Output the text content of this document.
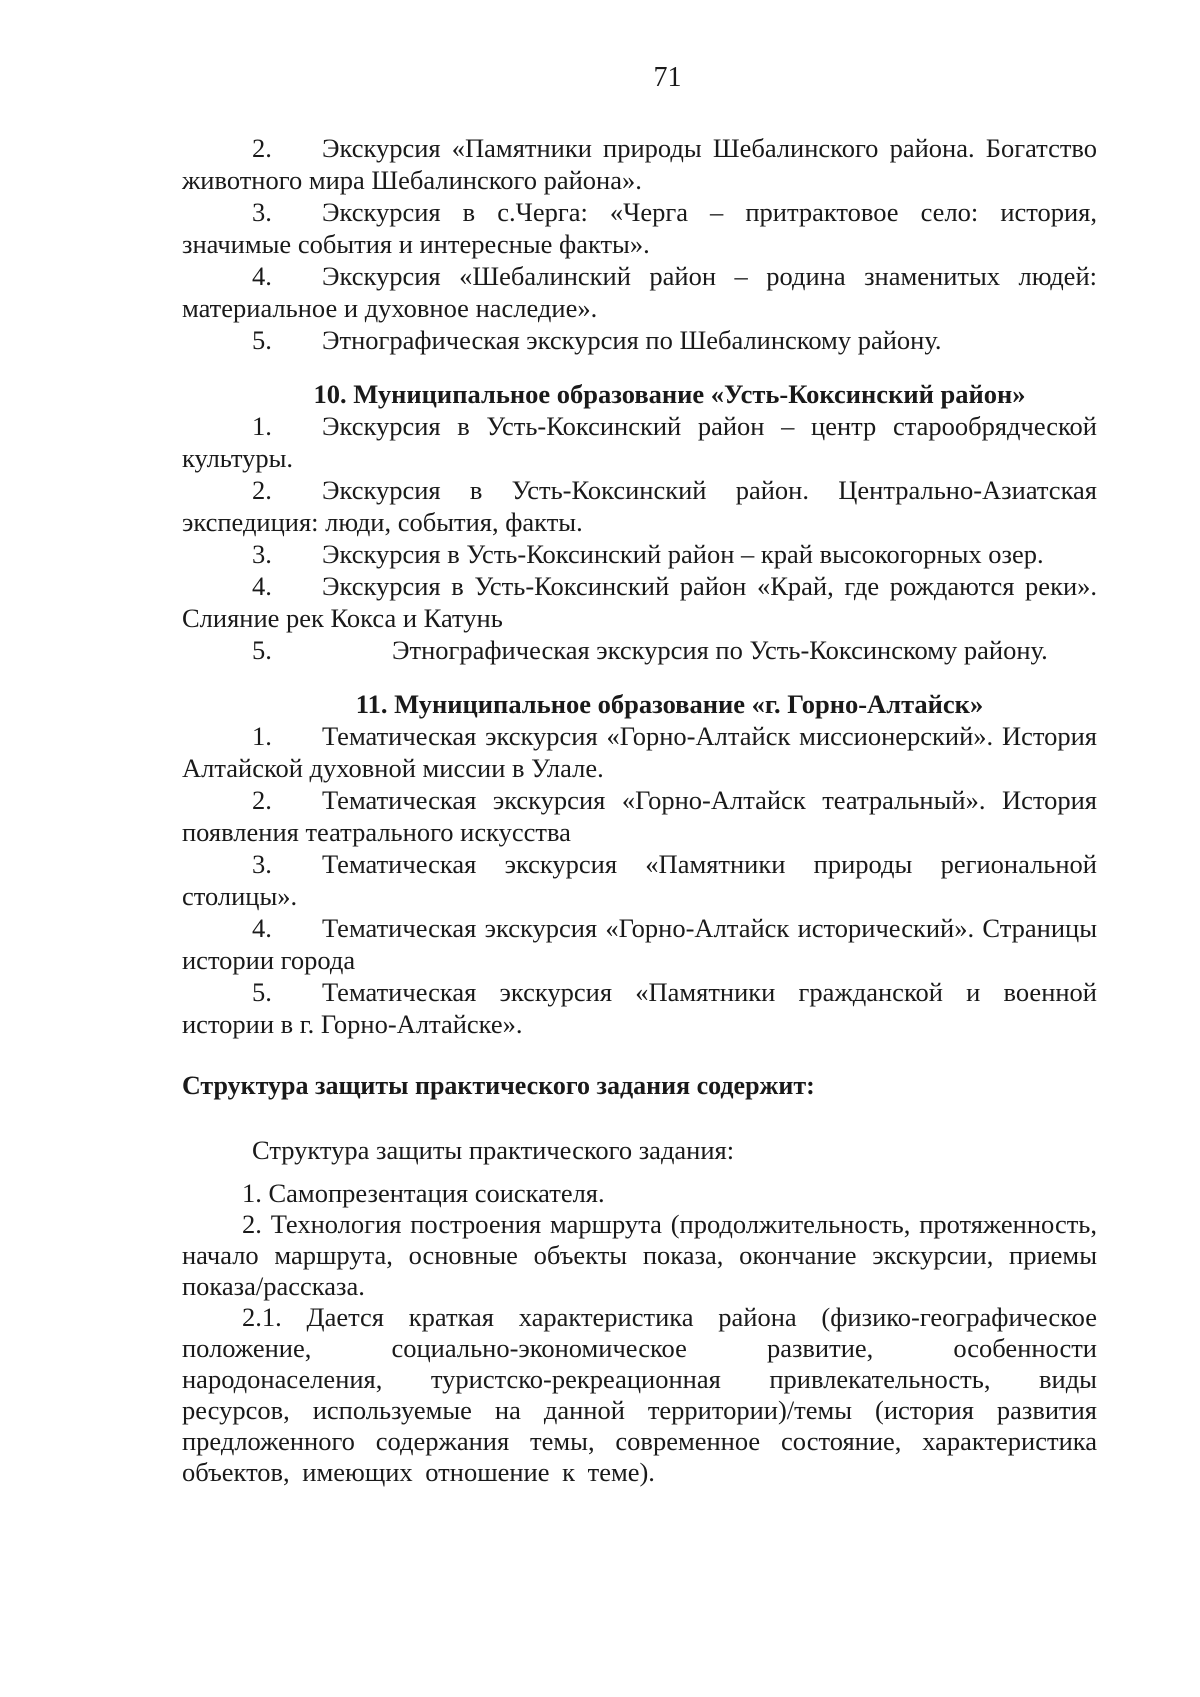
71

2. Экскурсия «Памятники природы Шебалинского района. Богатство животного мира Шебалинского района».

3. Экскурсия в с.Черга: «Черга – притрактовое село: история, значимые события и интересные факты».

4. Экскурсия «Шебалинский район – родина знаменитых людей: материальное и духовное наследие».

5. Этнографическая экскурсия по Шебалинскому району.

10. Муниципальное образование «Усть-Коксинский район»

1. Экскурсия в Усть-Коксинский район – центр старообрядческой культуры.

2. Экскурсия в Усть-Коксинский район. Центрально-Азиатская экспедиция: люди, события, факты.

3. Экскурсия в Усть-Коксинский район – край высокогорных озер.

4. Экскурсия в Усть-Коксинский район «Край, где рождаются реки». Слияние рек Кокса и Катунь

5.	Этнографическая экскурсия по Усть-Коксинскому району.

11. Муниципальное образование «г. Горно-Алтайск»

1. Тематическая экскурсия «Горно-Алтайск миссионерский». История Алтайской духовной миссии в Улале.

2. Тематическая экскурсия «Горно-Алтайск театральный». История появления театрального искусства

3. Тематическая экскурсия «Памятники природы региональной столицы».

4. Тематическая экскурсия «Горно-Алтайск исторический». Страницы истории города

5. Тематическая экскурсия «Памятники гражданской и военной истории в г. Горно-Алтайске».

Структура защиты практического задания содержит:

Структура защиты практического задания:

1. Самопрезентация соискателя.

2. Технология построения маршрута (продолжительность, протяженность, начало маршрута, основные объекты показа, окончание экскурсии, приемы показа/рассказа.

2.1. Дается краткая характеристика района (физико-географическое положение, социально-экономическое развитие, особенности народонаселения, туристско-рекреационная привлекательность, виды ресурсов, используемые на данной территории)/темы (история развития предложенного содержания темы, современное состояние, характеристика объектов, имеющих отношение к теме).
